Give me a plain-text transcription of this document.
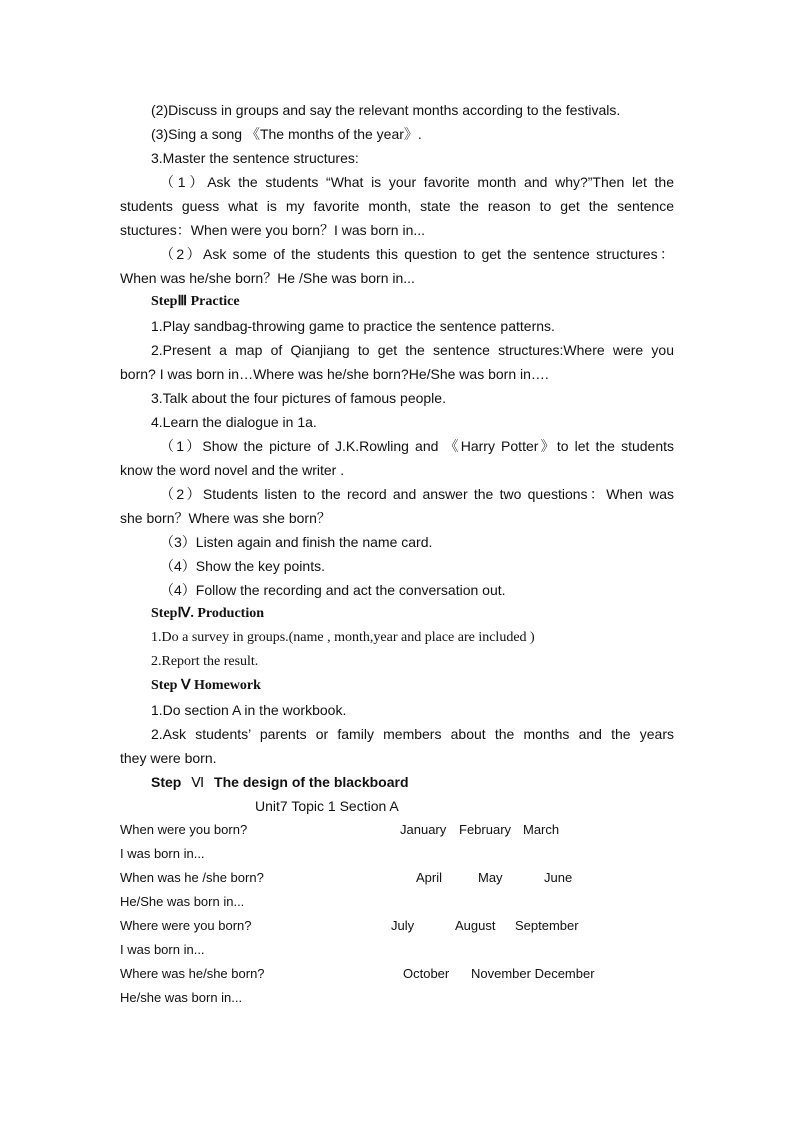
(2)Discuss in groups and say the relevant months according to the festivals.
(3)Sing a song 《The months of the year》.
3.Master the sentence structures:
（1）Ask the students “What is your favorite month and why?”Then let the
students guess what is my favorite month, state the reason to get the sentence
stuctures：When were you born？I was born in...
（2）Ask some of the students this question to get the sentence structures：
When was he/she born？He /She was born in...
StepⅢ Practice
1.Play sandbag-throwing game to practice the sentence patterns.
2.Present a map of Qianjiang to get the sentence structures:Where were you
born? I was born in…Where was he/she born?He/She was born in….
3.Talk about the four pictures of famous people.
4.Learn the dialogue in 1a.
（1）Show the picture of J.K.Rowling and 《Harry Potter》to let the students
know the word novel and the writer .
（2）Students listen to the record and answer the two questions：When was
she born？Where was she born？
（3）Listen again and finish the name card.
（4）Show the key points.
（4）Follow the recording and act the conversation out.
StepⅣ. Production
1.Do a survey in groups.(name , month,year and place are included )
2.Report the result.
Step Ⅴ Homework
1.Do section A in the workbook.
2.Ask students’ parents or family members about the months and the years
they were born.
Step Ⅵ The design of the blackboard
Unit7 Topic 1 Section A
When were you born?	January February March
I was born in...
When was he /she born?	April	May	June
He/She was born in...
Where were you born?	July	August September
I was born in...
Where was he/she born?	October November December
He/she was born in...
